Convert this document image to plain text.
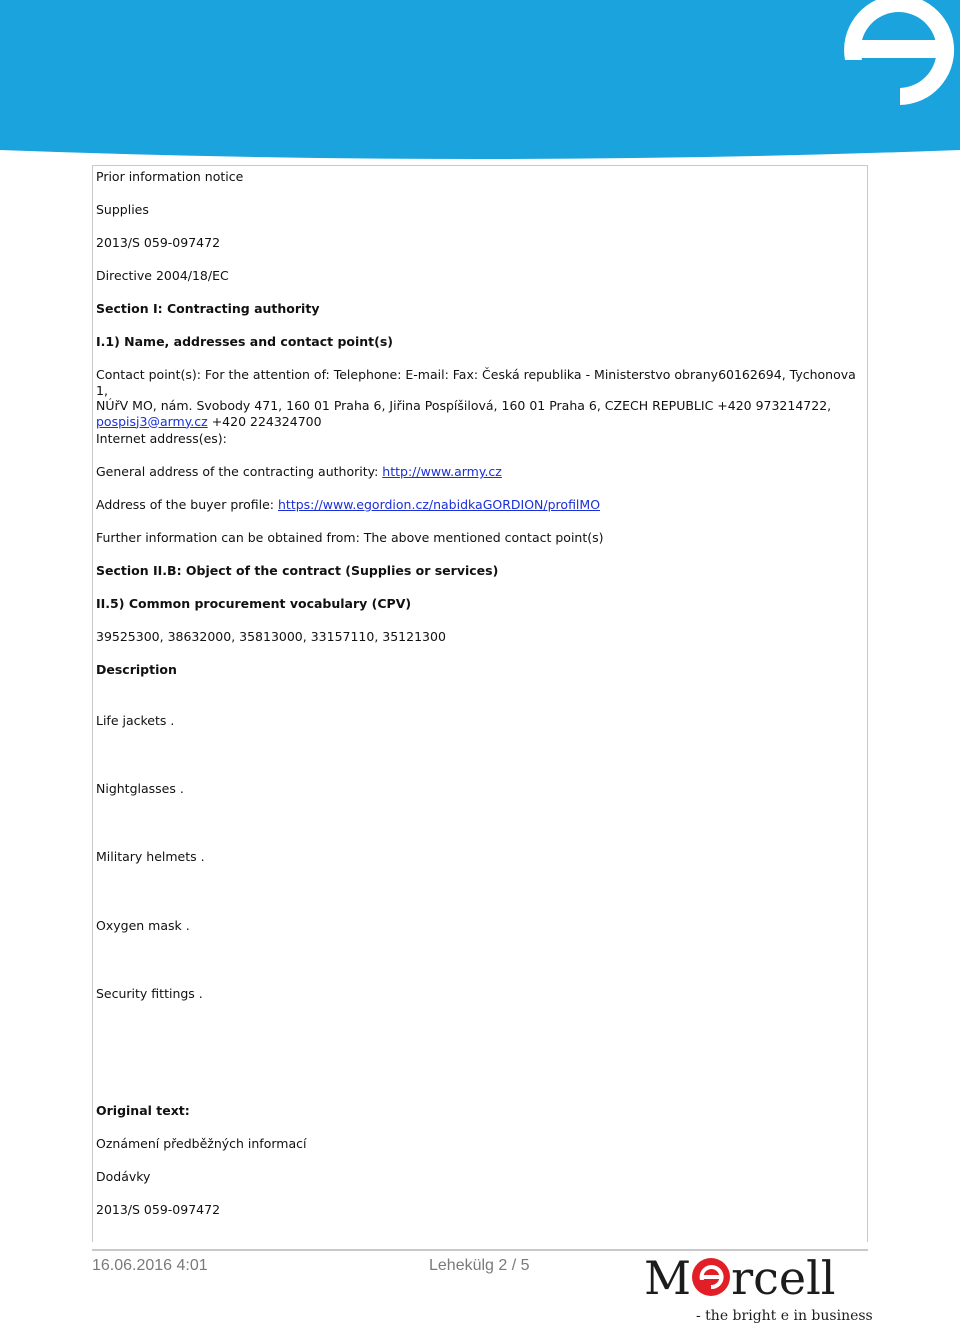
Prior information notice
Supplies
2013/S 059-097472
Directive 2004/18/EC
Section I: Contracting authority
I.1) Name, addresses and contact point(s)
Contact point(s): For the attention of: Telephone: E-mail: Fax: Česká republika - Ministerstvo obrany60162694, Tychonova 1,
NÚřV MO, nám. Svobody 471, 160 01 Praha 6, Jiřina Pospíšilová, 160 01 Praha 6, CZECH REPUBLIC +420 973214722,
pospisj3@army.cz +420 224324700
Internet address(es):
General address of the contracting authority: http://www.army.cz
Address of the buyer profile: https://www.egordion.cz/nabidkaGORDION/profilMO
Further information can be obtained from: The above mentioned contact point(s)
Section II.B: Object of the contract (Supplies or services)
II.5) Common procurement vocabulary (CPV)
39525300, 38632000, 35813000, 33157110, 35121300
Description
Life jackets .
Nightglasses .
Military helmets .
Oxygen mask .
Security fittings .
Original text:
Oznámení předběžných informací
Dodávky
2013/S 059-097472
16.06.2016 4:01	Lehekülg 2 / 5 M rcell
- the bright e in business
